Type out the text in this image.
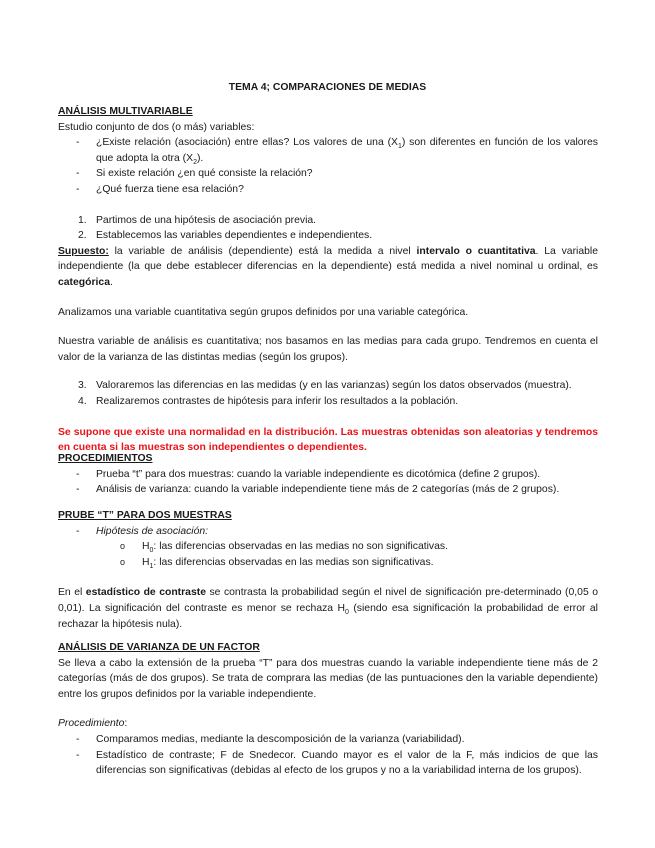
TEMA 4; COMPARACIONES DE MEDIAS
ANÁLISIS MULTIVARIABLE
Estudio conjunto de dos (o más) variables:
- ¿Existe relación (asociación) entre ellas? Los valores de una $(X_1)$ son diferentes en función de los valores que adopta la otra $(X_2)$.
- Si existe relación ¿en qué consiste la relación?
- ¿Qué fuerza tiene esa relación?
1. Partimos de una hipótesis de asociación previa.
2. Establecemos las variables dependientes e independientes.
Supuesto: la variable de análisis (dependiente) está la medida a nivel intervalo o cuantitativa. La variable independiente (la que debe establecer diferencias en la dependiente) está medida a nivel nominal u ordinal, es categórica.
Analizamos una variable cuantitativa según grupos definidos por una variable categórica.
Nuestra variable de análisis es cuantitativa; nos basamos en las medias para cada grupo. Tendremos en cuenta el valor de la varianza de las distintas medias (según los grupos).
3. Valoraremos las diferencias en las medidas (y en las varianzas) según los datos observados (muestra).
4. Realizaremos contrastes de hipótesis para inferir los resultados a la población.
Se supone que existe una normalidad en la distribución. Las muestras obtenidas son aleatorias y tendremos en cuenta si las muestras son independientes o dependientes.
PROCEDIMIENTOS
- Prueba “t” para dos muestras: cuando la variable independiente es dicotómica (define 2 grupos).
- Análisis de varianza: cuando la variable independiente tiene más de 2 categorías (más de 2 grupos).
PRUBE “T” PARA DOS MUESTRAS
- Hipótesis de asociación:
o $H_0$: las diferencias observadas en las medias no son significativas.
o $H_1$: las diferencias observadas en las medias son significativas.
En el estadístico de contraste se contrasta la probabilidad según el nivel de significación pre-determinado (0,05 o 0,01). La significación del contraste es menor se rechaza $H_0$ (siendo esa significación la probabilidad de error al rechazar la hipótesis nula).
ANÁLISIS DE VARIANZA DE UN FACTOR
Se lleva a cabo la extensión de la prueba “T” para dos muestras cuando la variable independiente tiene más de 2 categorías (más de dos grupos). Se trata de comprara las medias (de las puntuaciones den la variable dependiente) entre los grupos definidos por la variable independiente.
Procedimiento:
- Comparamos medias, mediante la descomposición de la varianza (variabilidad).
- Estadístico de contraste; F de Snedecor. Cuando mayor es el valor de la F, más indicios de que las diferencias son significativas (debidas al efecto de los grupos y no a la variabilidad interna de los grupos).
